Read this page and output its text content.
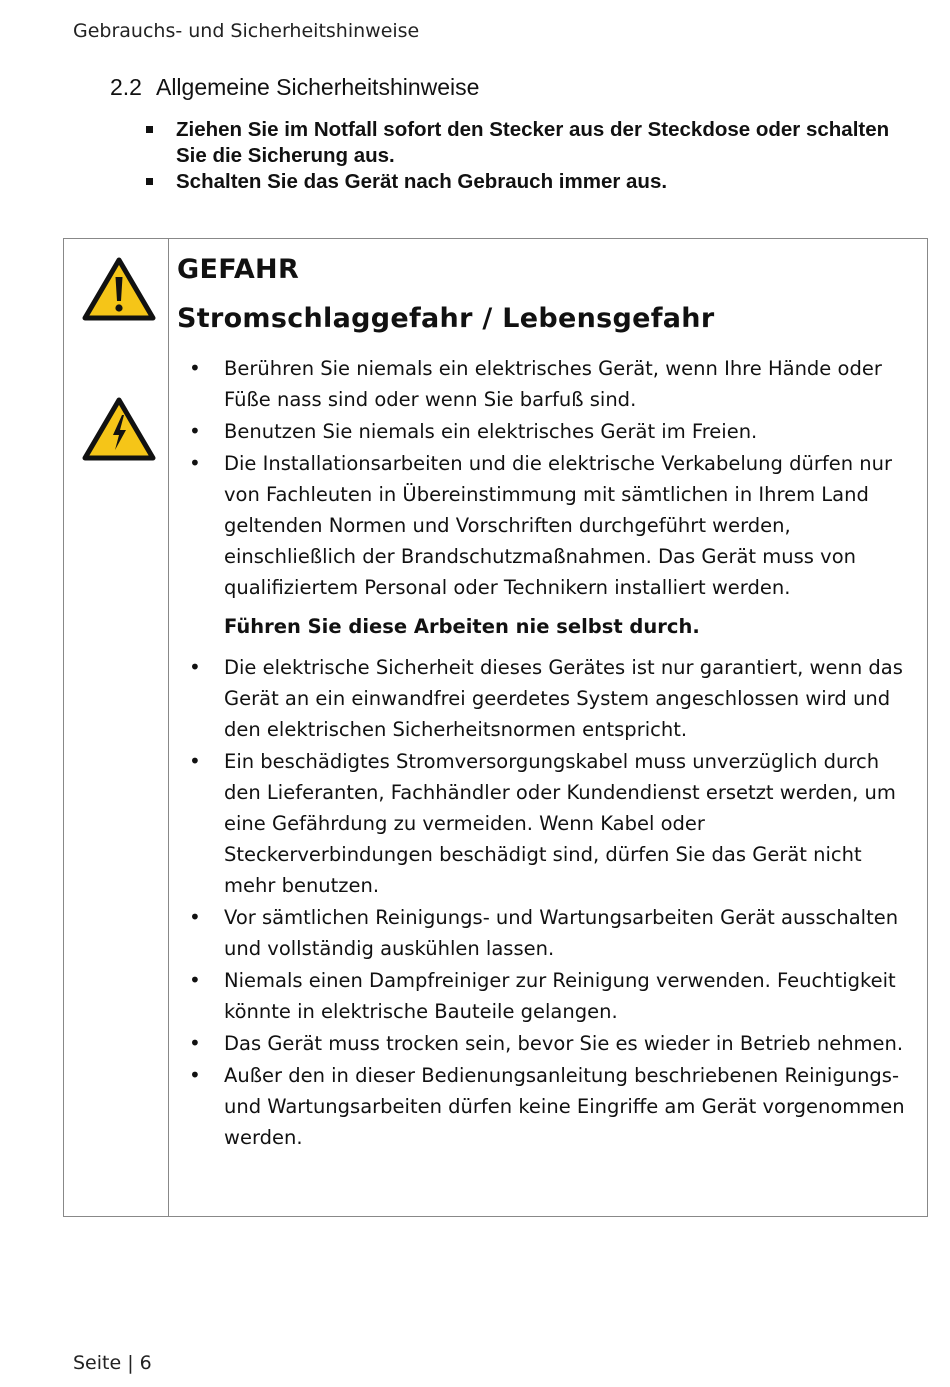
Gebrauchs- und Sicherheitshinweise
2.2 Allgemeine Sicherheitshinweise
Ziehen Sie im Notfall sofort den Stecker aus der Steckdose oder schalten Sie die Sicherung aus.
Schalten Sie das Gerät nach Gebrauch immer aus.
GEFAHR
Stromschlaggefahr / Lebensgefahr
• Berühren Sie niemals ein elektrisches Gerät, wenn Ihre Hände oder Füße nass sind oder wenn Sie barfuß sind.
• Benutzen Sie niemals ein elektrisches Gerät im Freien.
• Die Installationsarbeiten und die elektrische Verkabelung dürfen nur von Fachleuten in Übereinstimmung mit sämtlichen in Ihrem Land geltenden Normen und Vorschriften durchgeführt werden, einschließlich der Brandschutzmaßnahmen. Das Gerät muss von qualifiziertem Personal oder Technikern installiert werden.
Führen Sie diese Arbeiten nie selbst durch.
• Die elektrische Sicherheit dieses Gerätes ist nur garantiert, wenn das Gerät an ein einwandfrei geerdetes System angeschlossen wird und den elektrischen Sicherheitsnormen entspricht.
• Ein beschädigtes Stromversorgungskabel muss unverzüglich durch den Lieferanten, Fachhändler oder Kundendienst ersetzt werden, um eine Gefährdung zu vermeiden. Wenn Kabel oder Steckerverbindungen beschädigt sind, dürfen Sie das Gerät nicht mehr benutzen.
• Vor sämtlichen Reinigungs- und Wartungsarbeiten Gerät ausschalten und vollständig auskühlen lassen.
• Niemals einen Dampfreiniger zur Reinigung verwenden. Feuchtigkeit könnte in elektrische Bauteile gelangen.
• Das Gerät muss trocken sein, bevor Sie es wieder in Betrieb nehmen.
• Außer den in dieser Bedienungsanleitung beschriebenen Reinigungs- und Wartungsarbeiten dürfen keine Eingriffe am Gerät vorgenommen werden.
Seite | 6
